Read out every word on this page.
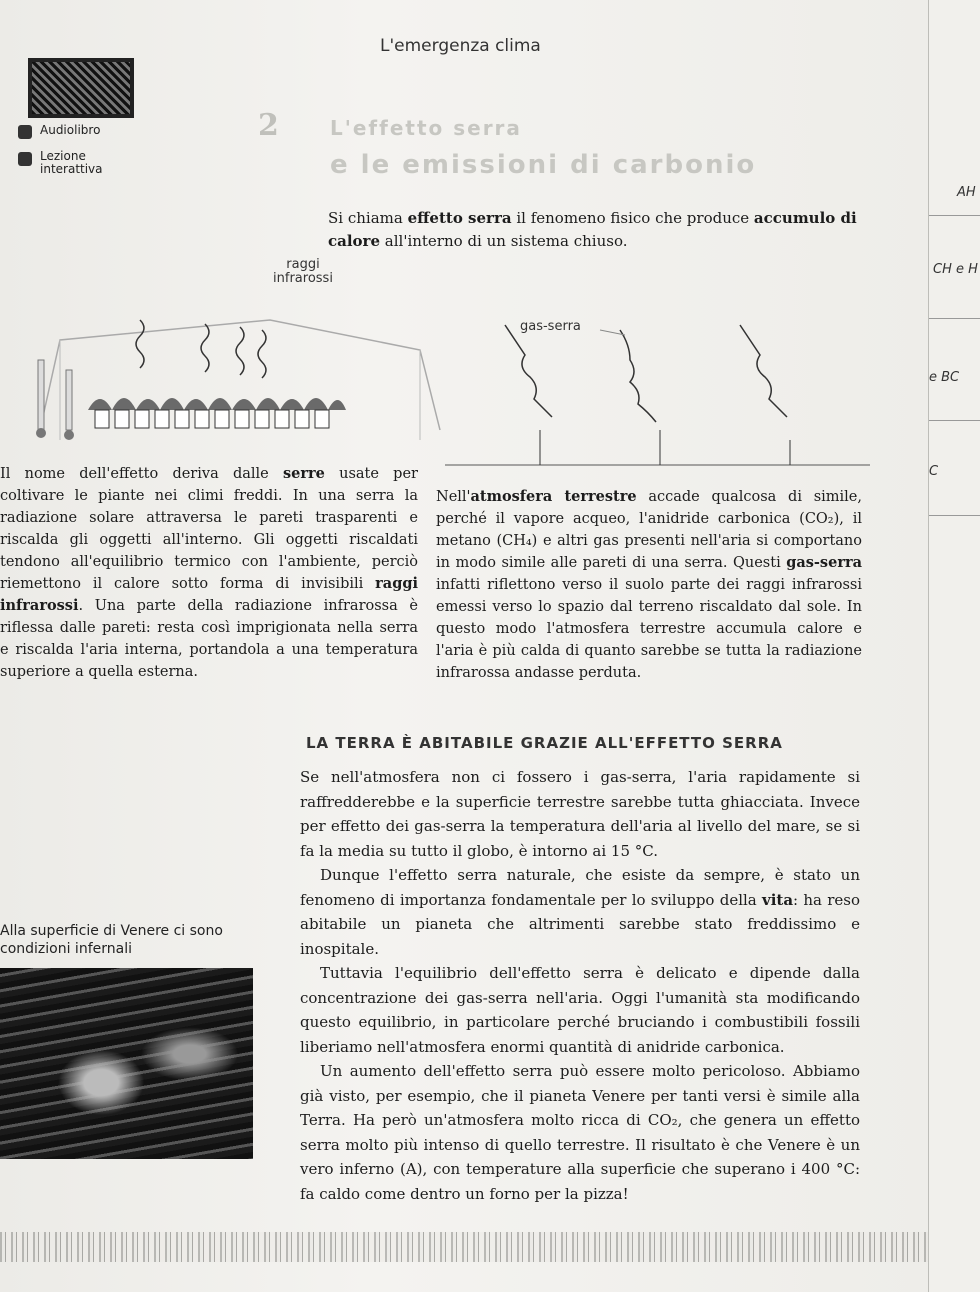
L'emergenza clima
Audiolibro
Lezione interattiva
2	L'effetto serra
e le emissioni di carbonio
Si chiama effetto serra il fenomeno fisico che produce accumulo di calore all'interno di un sistema chiuso.
raggi infrarossi
gas-serra

Il nome dell'effetto deriva dalle serre usate per coltivare le piante nei climi freddi. In una serra la radiazione solare attraversa le pareti trasparenti e riscalda gli oggetti all'interno. Gli oggetti riscaldati tendono all'equilibrio termico con l'ambiente, perciò riemettono il calore sotto forma di invisibili raggi infrarossi. Una parte della radiazione infrarossa è riflessa dalle pareti: resta così imprigionata nella serra e riscalda l'aria interna, portandola a una temperatura superiore a quella esterna.

Nell'atmosfera terrestre accade qualcosa di simile, perché il vapore acqueo, l'anidride carbonica (CO₂), il metano (CH₄) e altri gas presenti nell'aria si comportano in modo simile alle pareti di una serra. Questi gas-serra infatti riflettono verso il suolo parte dei raggi infrarossi emessi verso lo spazio dal terreno riscaldato dal sole. In questo modo l'atmosfera terrestre accumula calore e l'aria è più calda di quanto sarebbe se tutta la radiazione infrarossa andasse perduta.

LA TERRA È ABITABILE GRAZIE ALL'EFFETTO SERRA

Se nell'atmosfera non ci fossero i gas-serra, l'aria rapidamente si raffredderebbe e la superficie terrestre sarebbe tutta ghiacciata. Invece per effetto dei gas-serra la temperatura dell'aria al livello del mare, se si fa la media su tutto il globo, è intorno ai 15 °C.

Dunque l'effetto serra naturale, che esiste da sempre, è stato un fenomeno di importanza fondamentale per lo sviluppo della vita: ha reso abitabile un pianeta che altrimenti sarebbe stato freddissimo e inospitale.

Tuttavia l'equilibrio dell'effetto serra è delicato e dipende dalla concentrazione dei gas-serra nell'aria. Oggi l'umanità sta modificando questo equilibrio, in particolare perché bruciando i combustibili fossili liberiamo nell'atmosfera enormi quantità di anidride carbonica.

Un aumento dell'effetto serra può essere molto pericoloso. Abbiamo già visto, per esempio, che il pianeta Venere per tanti versi è simile alla Terra. Ha però un'atmosfera molto ricca di CO₂, che genera un effetto serra molto più intenso di quello terrestre. Il risultato è che Venere è un vero inferno (A), con temperature alla superficie che superano i 400 °C: fa caldo come dentro un forno per la pizza!

Alla superficie di Venere ci sono condizioni infernali
AH
CH e H
e BC
C
